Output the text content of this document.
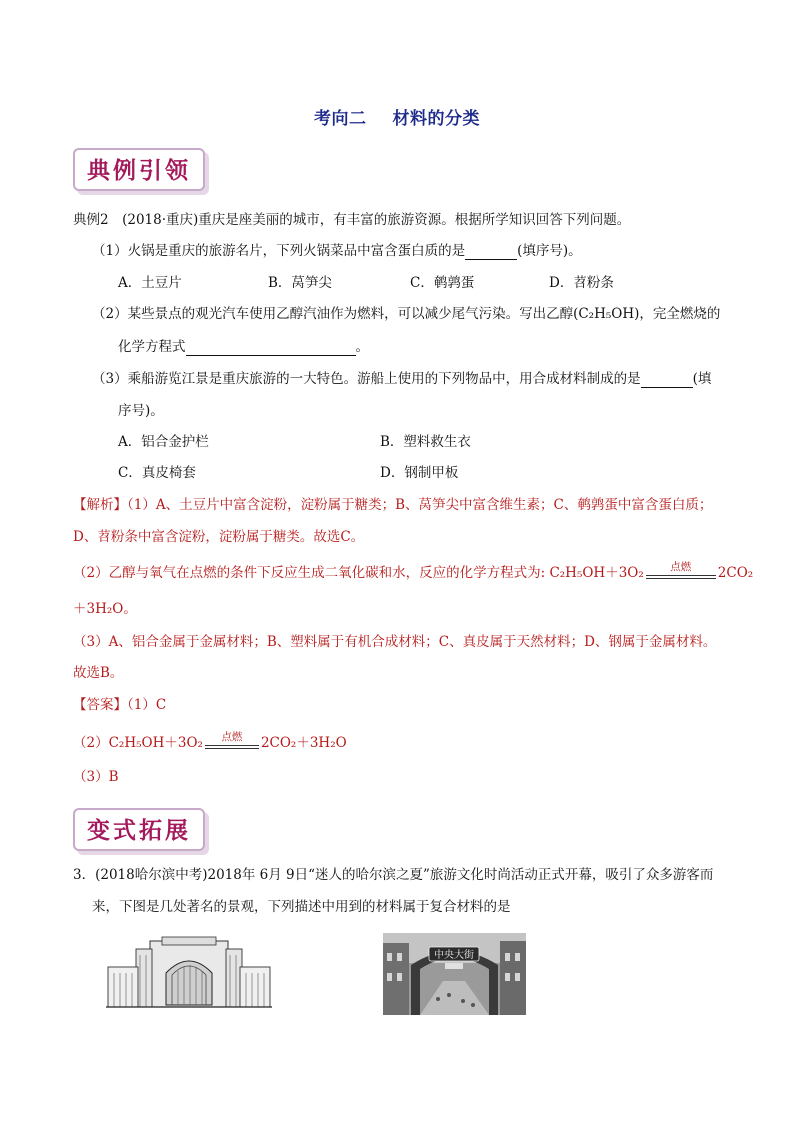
考向二 材料的分类
典例引领
典例2　(2018·重庆)重庆是座美丽的城市，有丰富的旅游资源。根据所学知识回答下列问题。
（1）火锅是重庆的旅游名片，下列火锅菜品中富含蛋白质的是	(填序号)。
A．土豆片	B．莴笋尖	C．鹌鹑蛋	D．苕粉条
（2）某些景点的观光汽车使用乙醇汽油作为燃料，可以减少尾气污染。写出乙醇(C₂H₅OH)，完全燃烧的
化学方程式	。
（3）乘船游览江景是重庆旅游的一大特色。游船上使用的下列物品中，用合成材料制成的是	(填
序号)。
A．铝合金护栏	B．塑料救生衣
C．真皮椅套	D．钢制甲板
【解析】（1）A、土豆片中富含淀粉，淀粉属于糖类；B、莴笋尖中富含维生素；C、鹌鹑蛋中富含蛋白质；
D、苕粉条中富含淀粉，淀粉属于糖类。故选C。
（2）乙醇与氧气在点燃的条件下反应生成二氧化碳和水，反应的化学方程式为: C₂H₅OH＋3O₂	点燃	2CO₂
＋3H₂O。
（3）A、铝合金属于金属材料；B、塑料属于有机合成材料；C、真皮属于天然材料；D、钢属于金属材料。
故选B。
【答案】（1）C
（2）C₂H₅OH＋3O₂	点燃	2CO₂＋3H₂O
（3）B
变式拓展
3．(2018哈尔滨中考)2018年 6月 9日“迷人的哈尔滨之夏”旅游文化时尚活动正式开幕，吸引了众多游客而
来，下图是几处著名的景观，下列描述中用到的材料属于复合材料的是
中央大街
